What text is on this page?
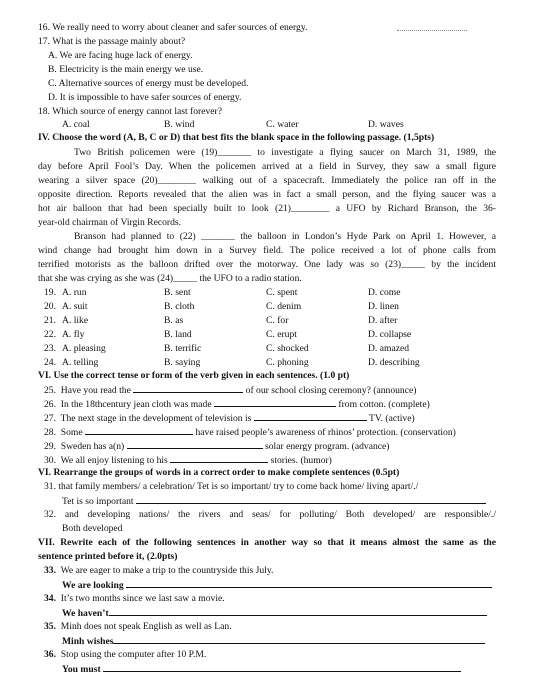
16. We really need to worry about cleaner and safer sources of energy.
17. What is the passage mainly about?
A. We are facing huge lack of energy.
B. Electricity is the main energy we use.
C. Alternative sources of energy must be developed.
D. It is impossible to have safer sources of energy.
18. Which source of energy cannot last forever?
A. coal	B. wind	C. water	D. waves
IV. Choose the word (A, B, C or D) that best fits the blank space in the following passage. (1,5pts)
Two British policemen were (19)_______ to investigate a flying saucer on March 31, 1989, the
day before April Fool’s Day. When the policemen arrived at a field in Survey, they saw a small figure
wearing a silver space (20)________ walking out of a spacecraft. Immediately the police ran off in the
opposite direction. Reports revealed that the alien was in fact a small person, and the flying saucer was a
hot air balloon that had been specially built to look (21)________ a UFO by Richard Branson, the 36-
year-old chairman of Virgin Records.
Branson had planned to (22) _______ the balloon in London’s Hyde Park on April 1. However, a
wind change had brought him down in a Survey field. The police received a lot of phone calls from
terrified motorists as the balloon drifted over the motorway. One lady was so (23)_____ by the incident
that she was crying as she was (24)_____ the UFO to a radio station.
19. A. run	B. sent	C. spent	D. come
20. A. suit	B. cloth	C. denim	D. linen
21. A. like	B. as	C. for	D. after
22. A. fly	B. land	C. erupt	D. collapse
23. A. pleasing	B. terrific	C. shocked	D. amazed
24. A. telling	B. saying	C. phoning	D. describing
VI. Use the correct tense or form of the verb given in each sentences. (1.0 pt)
25. Have you read the	of our school closing ceremony? (announce)
26. In the 18thcentury jean cloth was made	from cotton. (complete)
27. The next stage in the development of television is	TV. (active)
28. Some	have raised people’s awareness of rhinos’ protection. (conservation)
29. Sweden has a(n)	solar energy program. (advance)
30. We all enjoy listening to his	stories. (humor)
VI. Rearrange the groups of words in a correct order to make complete sentences (0.5pt)
31. that family members/ a celebration/ Tet is so important/ try to come back home/ living apart/./
Tet is so important
32. and developing nations/ the rivers and seas/ for polluting/ Both developed/ are responsible/./
Both developed
VII. Rewrite each of the following sentences in another way so that it means almost the same as the
sentence printed before it, (2.0pts)
33. We are eager to make a trip to the countryside this July.
We are looking
34. It’s two months since we last saw a movie.
We haven’t
35. Minh does not speak English as well as Lan.
Minh wishes
36. Stop using the computer after 10 P.M.
You must
